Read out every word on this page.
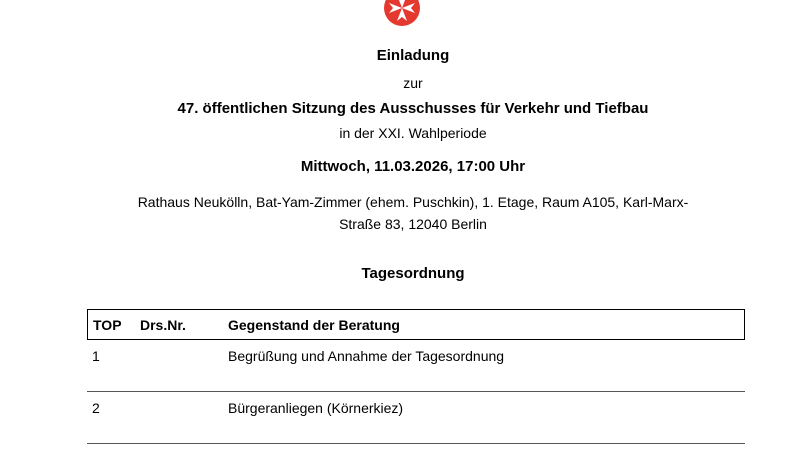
Einladung
zur
47. öffentlichen Sitzung des Ausschusses für Verkehr und Tiefbau
in der XXI. Wahlperiode
Mittwoch, 11.03.2026, 17:00 Uhr
Rathaus Neukölln, Bat-Yam-Zimmer (ehem. Puschkin), 1. Etage, Raum A105, Karl-Marx-
Straße 83, 12040 Berlin
Tagesordnung
TOP Drs.Nr.	Gegenstand der Beratung
1	Begrüßung und Annahme der Tagesordnung
2	Bürgeranliegen (Körnerkiez)
